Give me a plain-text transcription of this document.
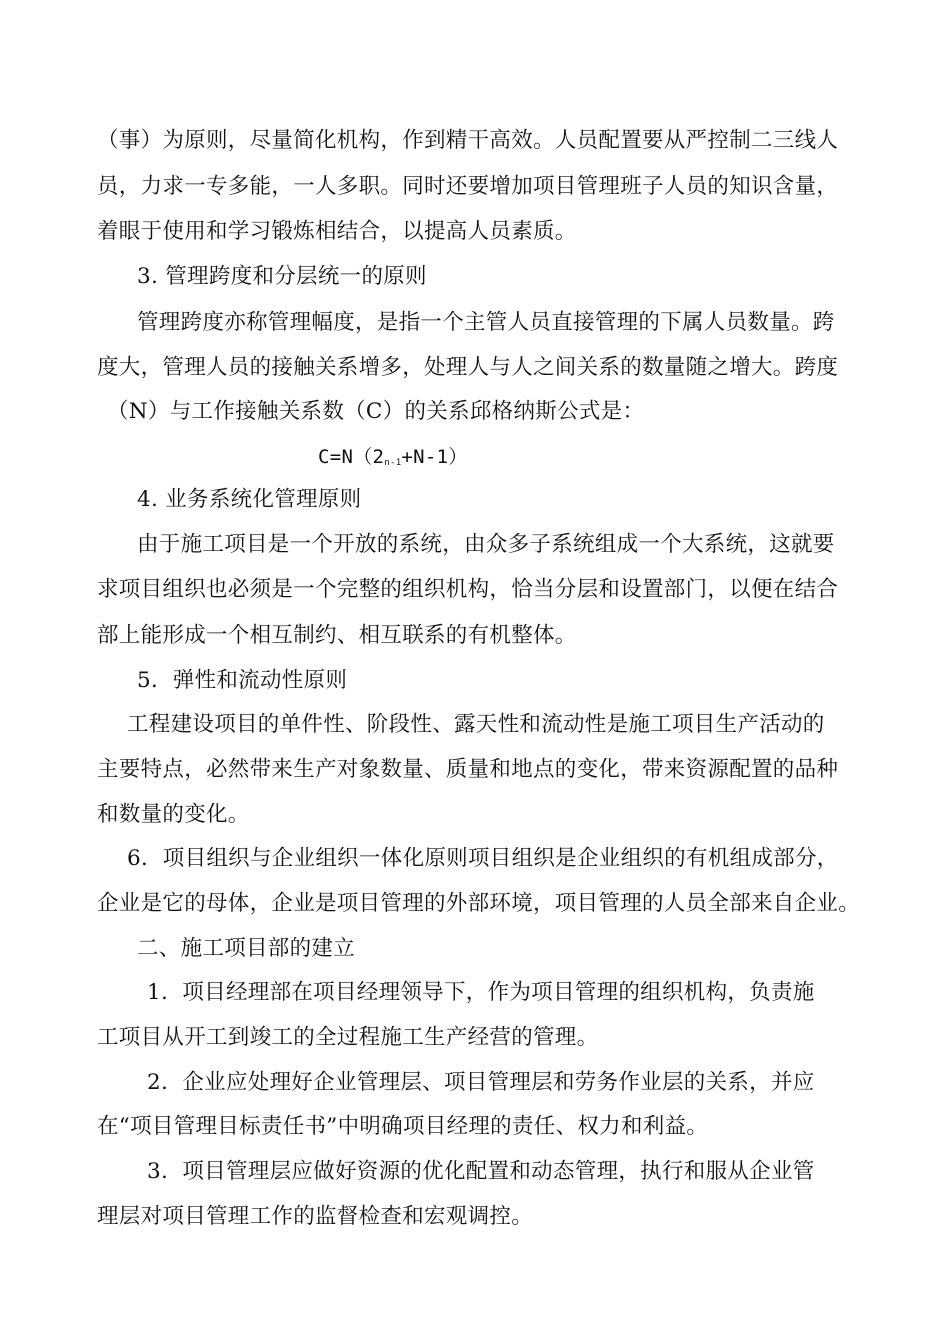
（事）为原则，尽量简化机构，作到精干高效。人员配置要从严控制二三线人
员，力求一专多能，一人多职。同时还要增加项目管理班子人员的知识含量，
着眼于使用和学习锻炼相结合，以提高人员素质。
3. 管理跨度和分层统一的原则
管理跨度亦称管理幅度，是指一个主管人员直接管理的下属人员数量。跨
度大，管理人员的接触关系增多，处理人与人之间关系的数量随之增大。跨度
（N）与工作接触关系数（C）的关系邱格纳斯公式是：
$C=N(2_{n-1}+N-1)$
4. 业务系统化管理原则
由于施工项目是一个开放的系统，由众多子系统组成一个大系统，这就要
求项目组织也必须是一个完整的组织机构，恰当分层和设置部门，以便在结合
部上能形成一个相互制约、相互联系的有机整体。
5．弹性和流动性原则
工程建设项目的单件性、阶段性、露天性和流动性是施工项目生产活动的
主要特点，必然带来生产对象数量、质量和地点的变化，带来资源配置的品种
和数量的变化。
6．项目组织与企业组织一体化原则项目组织是企业组织的有机组成部分，
企业是它的母体，企业是项目管理的外部环境，项目管理的人员全部来自企业。
二、施工项目部的建立
1.  项目经理部在项目经理领导下，作为项目管理的组织机构，负责施
工项目从开工到竣工的全过程施工生产经营的管理。
2.  企业应处理好企业管理层、项目管理层和劳务作业层的关系，并应
在“项目管理目标责任书”中明确项目经理的责任、权力和利益。
3.  项目管理层应做好资源的优化配置和动态管理，执行和服从企业管
理层对项目管理工作的监督检查和宏观调控。
